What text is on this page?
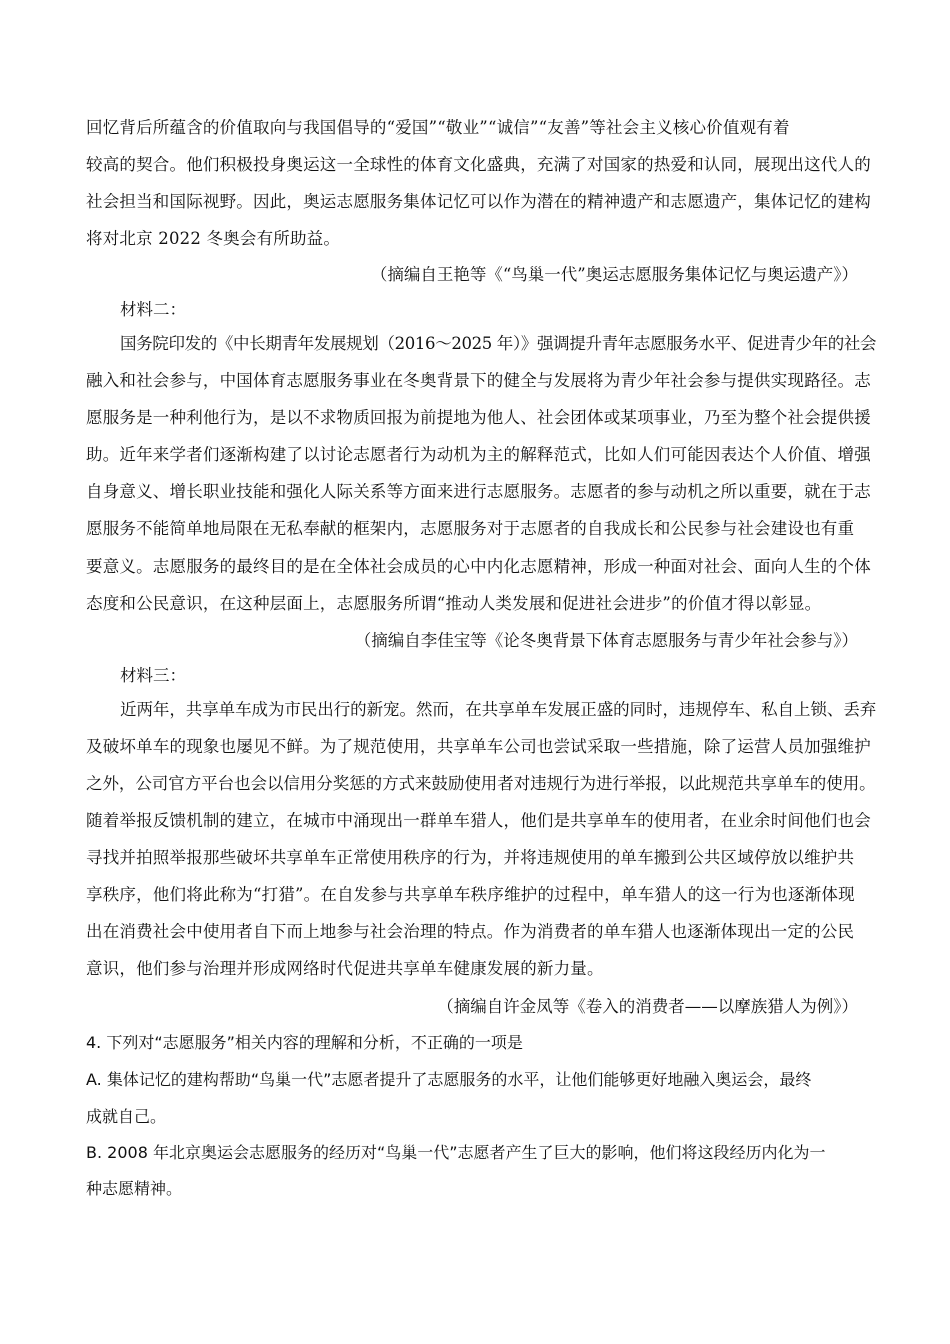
回忆背后所蕴含的价值取向与我国倡导的“爱国”“敬业”“诚信”“友善”等社会主义核心价值观有着
较高的契合。他们积极投身奥运这一全球性的体育文化盛典，充满了对国家的热爱和认同，展现出这代人的
社会担当和国际视野。因此，奥运志愿服务集体记忆可以作为潜在的精神遗产和志愿遗产，集体记忆的建构
将对北京 2022 冬奥会有所助益。
（摘编自王艳等《“鸟巢一代”奥运志愿服务集体记忆与奥运遗产》）
材料二：
国务院印发的《中长期青年发展规划（2016～2025 年）》强调提升青年志愿服务水平、促进青少年的社会
融入和社会参与，中国体育志愿服务事业在冬奥背景下的健全与发展将为青少年社会参与提供实现路径。志
愿服务是一种利他行为，是以不求物质回报为前提地为他人、社会团体或某项事业，乃至为整个社会提供援
助。近年来学者们逐渐构建了以讨论志愿者行为动机为主的解释范式，比如人们可能因表达个人价值、增强
自身意义、增长职业技能和强化人际关系等方面来进行志愿服务。志愿者的参与动机之所以重要，就在于志
愿服务不能简单地局限在无私奉献的框架内，志愿服务对于志愿者的自我成长和公民参与社会建设也有重
要意义。志愿服务的最终目的是在全体社会成员的心中内化志愿精神，形成一种面对社会、面向人生的个体
态度和公民意识，在这种层面上，志愿服务所谓“推动人类发展和促进社会进步”的价值才得以彰显。
（摘编自李佳宝等《论冬奥背景下体育志愿服务与青少年社会参与》）
材料三：
近两年，共享单车成为市民出行的新宠。然而，在共享单车发展正盛的同时，违规停车、私自上锁、丢弃
及破坏单车的现象也屡见不鲜。为了规范使用，共享单车公司也尝试采取一些措施，除了运营人员加强维护
之外，公司官方平台也会以信用分奖惩的方式来鼓励使用者对违规行为进行举报，以此规范共享单车的使用。
随着举报反馈机制的建立，在城市中涌现出一群单车猎人，他们是共享单车的使用者，在业余时间他们也会
寻找并拍照举报那些破坏共享单车正常使用秩序的行为，并将违规使用的单车搬到公共区域停放以维护共
享秩序，他们将此称为“打猎”。在自发参与共享单车秩序维护的过程中，单车猎人的这一行为也逐渐体现
出在消费社会中使用者自下而上地参与社会治理的特点。作为消费者的单车猎人也逐渐体现出一定的公民
意识，他们参与治理并形成网络时代促进共享单车健康发展的新力量。
（摘编自许金凤等《卷入的消费者——以摩族猎人为例》）
4. 下列对“志愿服务”相关内容的理解和分析，不正确的一项是
A. 集体记忆的建构帮助“鸟巢一代”志愿者提升了志愿服务的水平，让他们能够更好地融入奥运会，最终
成就自己。
B. 2008 年北京奥运会志愿服务的经历对“鸟巢一代”志愿者产生了巨大的影响，他们将这段经历内化为一
种志愿精神。
